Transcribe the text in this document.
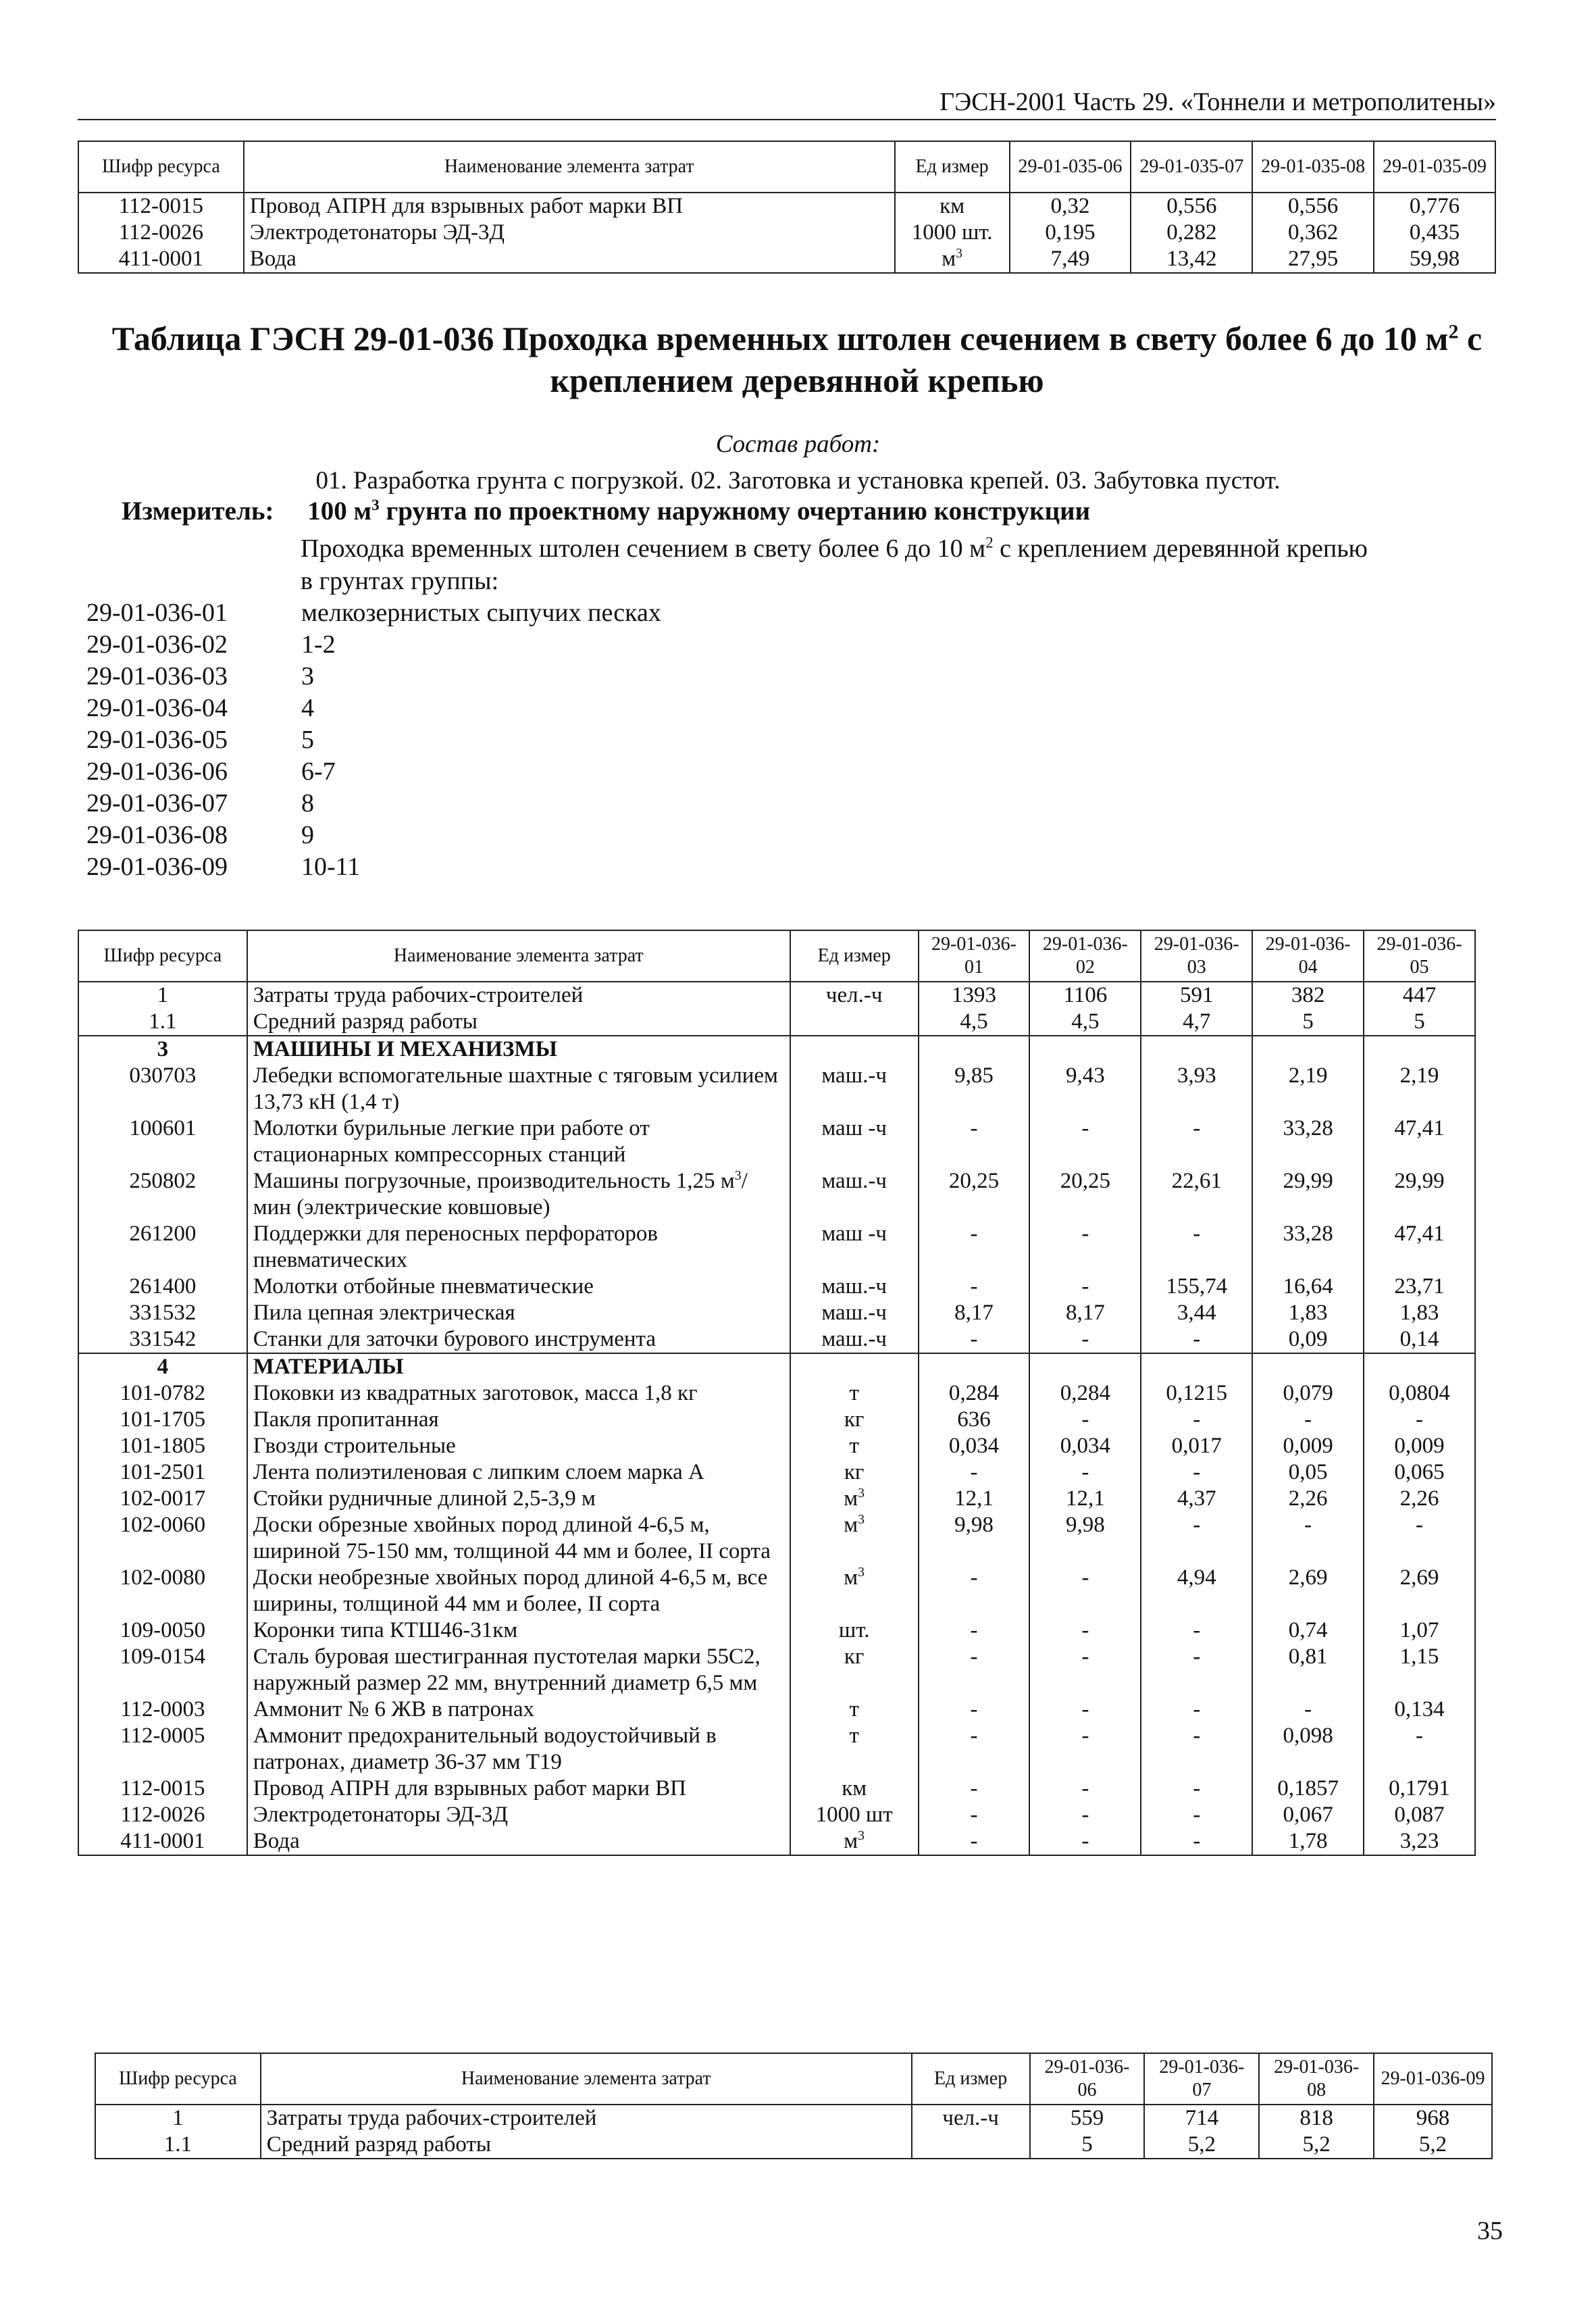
ГЭСН-2001 Часть 29. «Тоннели и метрополитены»
Шифр ресурса	Наименование элемента затрат	Ед измер	29-01-035-06	29-01-035-07	29-01-035-08	29-01-035-09
112-0015	Провод АПРН для взрывных работ марки ВП	км	0,32	0,556	0,556	0,776
112-0026	Электродетонаторы ЭД-3Д	1000 шт.	0,195	0,282	0,362	0,435
411-0001	Вода	$м^3$	7,49	13,42	27,95	59,98
Таблица ГЭСН 29-01-036 Проходка временных штолен сечением в свету более 6 до 10 $м^2$ с
креплением деревянной крепью
Состав работ:
01. Разработка грунта с погрузкой. 02. Заготовка и установка крепей. 03. Забутовка пустот.
Измеритель: 100 $м^3$ грунта по проектному наружному очертанию конструкции
Проходка временных штолен сечением в свету более 6 до 10 $м^2$ с креплением деревянной крепью
в грунтах группы:
29-01-036-01	мелкозернистых сыпучих песках
29-01-036-02	1-2
29-01-036-03	3
29-01-036-04	4
29-01-036-05	5
29-01-036-06	6-7
29-01-036-07	8
29-01-036-08	9
29-01-036-09	10-11
Шифр ресурса	Наименование элемента затрат	Ед измер	29-01-036-01	29-01-036-02	29-01-036-03	29-01-036-04	29-01-036-05
1	Затраты труда рабочих-строителей	чел.-ч	1393	1106	591	382	447
1.1	Средний разряд работы		4,5	4,5	4,7	5	5
3	МАШИНЫ И МЕХАНИЗМЫ						
030703	Лебедки вспомогательные шахтные с тяговым усилием 13,73 кН (1,4 т)	маш.-ч	9,85	9,43	3,93	2,19	2,19
100601	Молотки бурильные легкие при работе от стационарных компрессорных станций	маш -ч	-	-	-	33,28	47,41
250802	Машины погрузочные, производительность 1,25 $м^3$/мин (электрические ковшовые)	маш.-ч	20,25	20,25	22,61	29,99	29,99
261200	Поддержки для переносных перфораторов пневматических	маш -ч	-	-	-	33,28	47,41
261400	Молотки отбойные пневматические	маш.-ч	-	-	155,74	16,64	23,71
331532	Пила цепная электрическая	маш.-ч	8,17	8,17	3,44	1,83	1,83
331542	Станки для заточки бурового инструмента	маш.-ч	-	-	-	0,09	0,14
4	МАТЕРИАЛЫ						
101-0782	Поковки из квадратных заготовок, масса 1,8 кг	т	0,284	0,284	0,1215	0,079	0,0804
101-1705	Пакля пропитанная	кг	636	-	-	-	-
101-1805	Гвозди строительные	т	0,034	0,034	0,017	0,009	0,009
101-2501	Лента полиэтиленовая с липким слоем марка А	кг	-	-	-	0,05	0,065
102-0017	Стойки рудничные длиной 2,5-3,9 м	$м^3$	12,1	12,1	4,37	2,26	2,26
102-0060	Доски обрезные хвойных пород длиной 4-6,5 м, шириной 75-150 мм, толщиной 44 мм и более, II сорта	$м^3$	9,98	9,98	-	-	-
102-0080	Доски необрезные хвойных пород длиной 4-6,5 м, все ширины, толщиной 44 мм и более, II сорта	$м^3$	-	-	4,94	2,69	2,69
109-0050	Коронки типа КТШ46-31км	шт.	-	-	-	0,74	1,07
109-0154	Сталь буровая шестигранная пустотелая марки 55С2, наружный размер 22 мм, внутренний диаметр 6,5 мм	кг	-	-	-	0,81	1,15
112-0003	Аммонит № 6 ЖВ в патронах	т	-	-	-	-	0,134
112-0005	Аммонит предохранительный водоустойчивый в патронах, диаметр 36-37 мм Т19	т	-	-	-	0,098	-
112-0015	Провод АПРН для взрывных работ марки ВП	км	-	-	-	0,1857	0,1791
112-0026	Электродетонаторы ЭД-3Д	1000 шт	-	-	-	0,067	0,087
411-0001	Вода	$м^3$	-	-	-	1,78	3,23
Шифр ресурса	Наименование элемента затрат	Ед измер	29-01-036-06	29-01-036-07	29-01-036-08	29-01-036-09
1	Затраты труда рабочих-строителей	чел.-ч	559	714	818	968
1.1	Средний разряд работы		5	5,2	5,2	5,2
35
